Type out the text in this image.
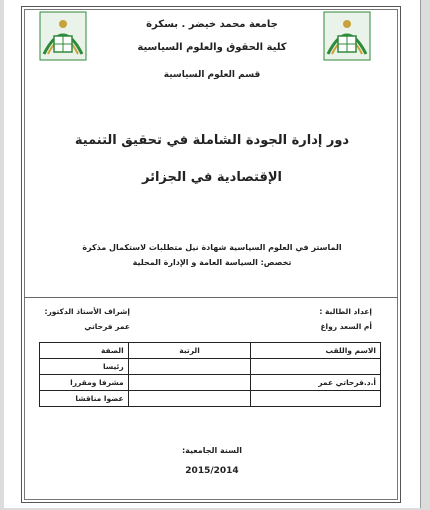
جامعة محمد خيضر . بسكرة
كلية الحقوق والعلوم السياسية
قسم العلوم السياسية
دور إدارة الجودة الشاملة في تحقيق التنمية
الإقتصادية في الجزائر
الماستر في العلوم السياسية شهادة نيل متطلبات لاستكمال مذكرة
تخصص: السياسة العامة و الإدارة المحلية
إعداد الطالبة :
أم السعد رواغ
إشراف الأستاذ الدكتور:
عمر فرحاتي
الاسم واللقب	الرتبة	الصفة
		رئيسا
أ.د.فرحاتي عمر		مشرفا ومقررا
		عضوا مناقشا
السنة الجامعية:
2015/2014
